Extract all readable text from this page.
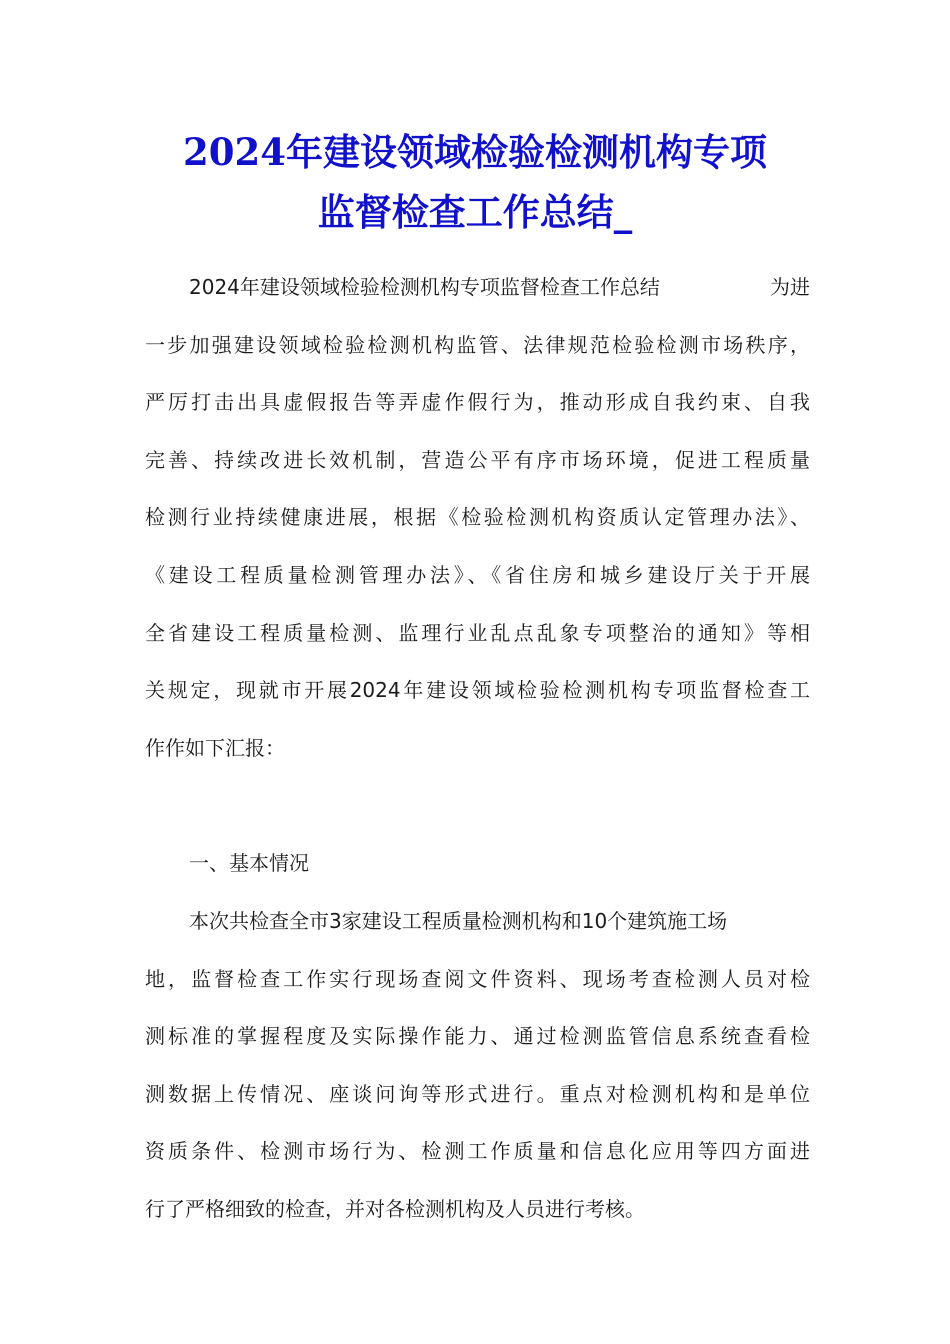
2024年建设领域检验检测机构专项
监督检查工作总结_
2024年建设领域检验检测机构专项监督检查工作总结	为进
一步加强建设领域检验检测机构监管、法律规范检验检测市场秩序，
严厉打击出具虚假报告等弄虚作假行为，推动形成自我约束、自我
完善、持续改进长效机制，营造公平有序市场环境，促进工程质量
检测行业持续健康进展，根据《检验检测机构资质认定管理办法》、
《建设工程质量检测管理办法》、《省住房和城乡建设厅关于开展
全省建设工程质量检测、监理行业乱点乱象专项整治的通知》等相
关规定，现就市开展2024年建设领域检验检测机构专项监督检查工
作作如下汇报：
一、基本情况
本次共检查全市3家建设工程质量检测机构和10个建筑施工场
地，监督检查工作实行现场查阅文件资料、现场考查检测人员对检
测标准的掌握程度及实际操作能力、通过检测监管信息系统查看检
测数据上传情况、座谈问询等形式进行。重点对检测机构和是单位
资质条件、检测市场行为、检测工作质量和信息化应用等四方面进
行了严格细致的检查，并对各检测机构及人员进行考核。
